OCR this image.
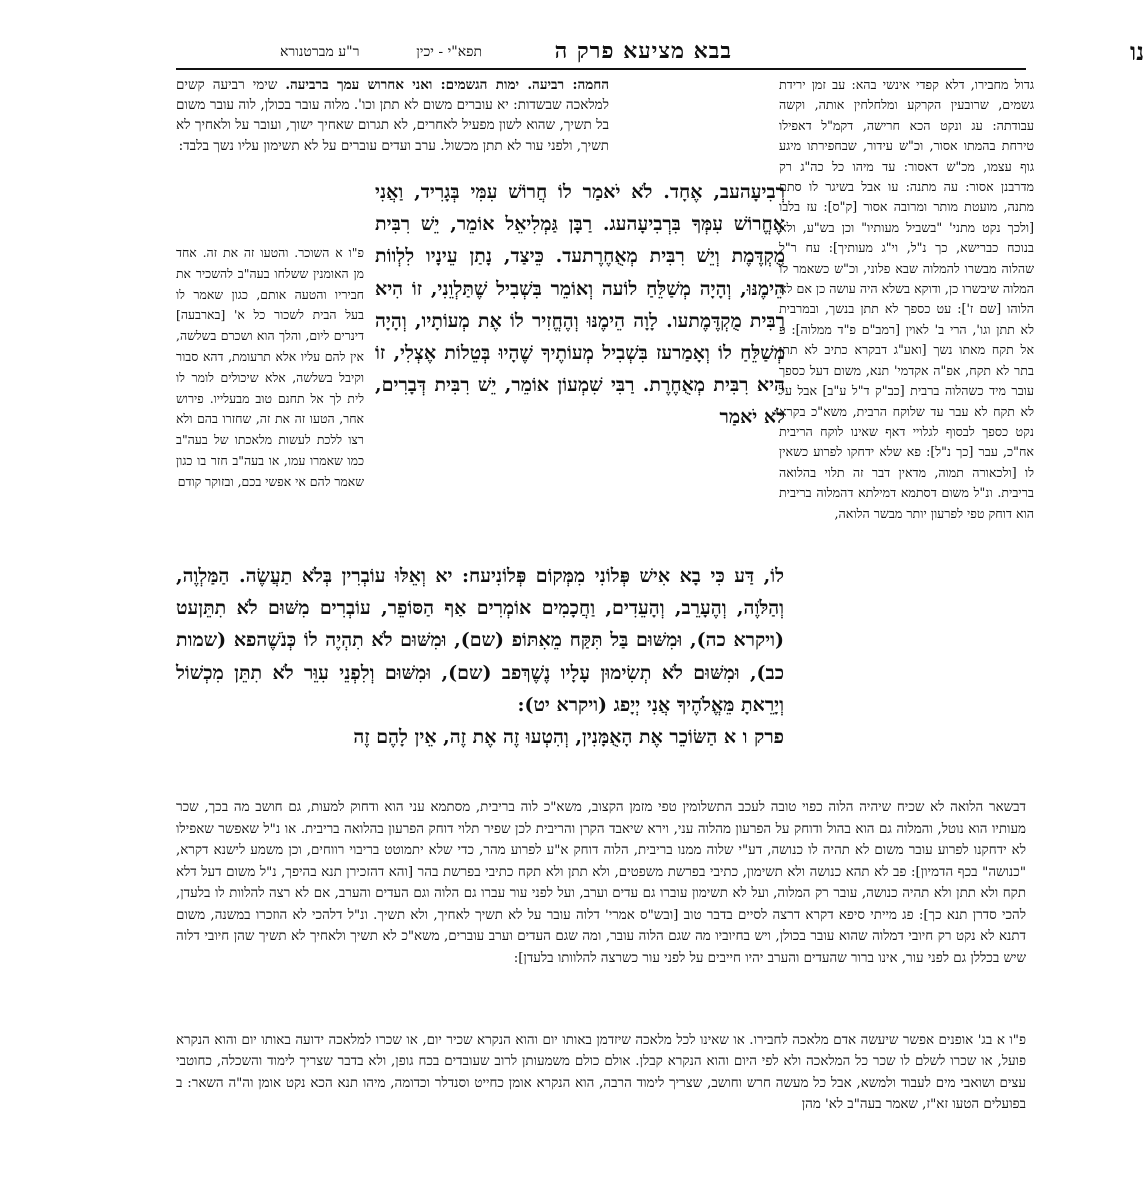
נו
בבא מציעא פרק ה
תפא"י - יכין
ר"ע מברטנורא

גדול מחבירו, דלא קפדי אינשי בהא: עב זמן ירידת גשמים, שרובעין הקרקע ומלחלחין אותה, וקשה עבודתה: עג ונקט הכא חרישה, דקמ"ל דאפילו טירחת בהמתו אסור, וכ"ש עידור, שבחפירתו מיגע גוף עצמו, מכ"ש דאסור: עד מיהו כל כה"ג רק מדרבנן אסור: עה מתנה: עו אבל בשיגר לו סתם מתנה, מועטת מותר ומרובה אסור [ק"ס]: עז בלבו [ולכך נקט מתני' "בשביל מעותיו" וכן בש"ע, ולא בנוכח כברישא, כך נ"ל, וי"ג מעותיך]: עח ר"ל שהלוה מבשרו להמלוה שבא פלוני, וכ"ש כשאמר לו המלוה שיבשרו כן, ודוקא בשלא היה עושה כן אם לא הלוהו [שם ז']: עט כספך לא תתן בנשך, ובמרבית לא תתן וגו', הרי ב' לאוין [רמב"ם פ"ד ממלוה]: פ אל תקח מאתו נשך [ואע"ג דבקרא כתיב לא תתן בתר לא תקח, אפ"ה אקדמי' תנא, משום דעל כספך עובר מיד כשהלוה ברבית [כב"ק ד"ל ע"ב] אבל על לא תקח לא עבר עד שלוקח הרבית, משא"כ בקרא נקט כספך לבסוף לגלויי דאף שאינו לוקח הריבית אח"כ, עבר [כך נ"ל]: פא שלא ידחקו לפרוע כשאין לו [ולכאורה תמוה, מדאין דבר זה תלוי בהלואה בריבית. ונ"ל משום דסתמא דמילתא דהמלוה בריבית הוא דוחק טפי לפרעון יותר מבשר הלואה,

החמה: רביעה. ימות הגשמים: ואני אחרוש עמך ברביעה. שימי רביעה קשים למלאכה שבשדות: יא עוברים משום לא תתן וכו'. מלוה עובר בכולן, לוה עובר משום בל תשיך, שהוא לשון מפעיל לאחרים, לא תגרום שאחיך ישוך, ועובר על ולאחיך לא תשיך, ולפני עור לא תתן מכשול. ערב ועדים עוברים על לא תשימון עליו נשך בלבד:

פ"ו א השוכר. והטעו זה את זה. אחד מן האומנין ששלחו בעה"ב להשכיר את חביריו והטעה אותם, כגון שאמר לו בעל הבית לשכור כל א' [בארבעה] דינרים ליום, והלך הוא ושכרם בשלשה, אין להם עליו אלא תרעומת, דהא סבור וקיבל בשלשה, אלא שיכולים לומר לו לית לך אל תחנם טוב מבעלייו. פירוש אחר, הטעו זה את זה, שחזרו בהם ולא רצו ללכת לעשות מלאכתו של בעה"ב כמו שאמרו עמו, או בעה"ב חזר בו כגון שאמר להם אי אפשי בכם, ובזוקר קודם

רְבִיעָהעב, אֶחָד. לֹא יֹאמַר לוֹ חֲרוֹשׁ עִמִּי בְּגָרִיד, וַאֲנִי אֶחֱרוֹשׁ עִמְּךָ בִּרְבִיעָהעג. רַבָּן גַּמְלִיאֵל אוֹמֵר, יֵשׁ רִבִּית מֻקְדֶּמֶת וְיֵשׁ רִבִּית מְאֻחֶרֶתעד. כֵּיצַד, נָתַן עֵינָיו לִלְווֹת הֵימֶנּוּ, וְהָיָה מְשַׁלֵּחַ לוֹעה וְאוֹמֵר בִּשְׁבִיל שֶׁתַּלְוֵנִי, זוֹ הִיא רִבִּית מֻקְדֶּמֶתעו. לָוָה הֵימֶנּוּ וְהֶחֱזִיר לוֹ אֶת מְעוֹתָיו, וְהָיָה מְשַׁלֵּחַ לוֹ וְאָמַרעז בִּשְׁבִיל מְעוֹתֶיךָ שֶׁהָיוּ בְּטֵלוֹת אֶצְלִי, זוֹ הִיא רִבִּית מְאֻחֶרֶת. רַבִּי שִׁמְעוֹן אוֹמֵר, יֵשׁ רִבִּית דְּבָרִים, לֹא יֹאמַר

לוֹ, דַּע כִּי בָא אִישׁ פְּלוֹנִי מִמְּקוֹם פְּלוֹנִיעח: יא וְאֵלּוּ עוֹבְרִין בְּלֹא תַעֲשֶׂה. הַמַּלְוֶה, וְהַלֹּוֶה, וְהֶעָרֵב, וְהָעֵדִים, וַחֲכָמִים אוֹמְרִים אַף הַסּוֹפֵר, עוֹבְרִים מִשּׁוּם לֹא תִתֵּןעט (ויקרא כה), וּמִשּׁוּם בַּל תִּקַּח מֵאִתּוֹפ (שם), וּמִשּׁוּם לֹא תִהְיֶה לוֹ כְּנֹשֶׁהפא (שמות כב), וּמִשּׁוּם לֹא תְשִׂימוּן עָלָיו נֶשֶׁךְפב (שם), וּמִשּׁוּם וְלִפְנֵי עִוֵּר לֹא תִתֵּן מִכְשׁוֹל וְיָרֵאתָ מֵּאֱלֹהֶיךָ אֲנִי יְיָפג (ויקרא יט):

פרק ו א הַשּׂוֹכֵר אֶת הָאֻמָּנִין, וְהִטְעוּ זֶה אֶת זֶה, אֵין לָהֶם זֶה

דבשאר הלואה לא שכיח שיהיה הלוה כפוי טובה לעכב התשלומין טפי מזמן הקצוב, משא"כ לוה בריבית, מסתמא עני הוא ודחוק למעות, גם חושב מה בכך, שכר מעותיו הוא נוטל, והמלוה גם הוא בהול ודוחק על הפרעון מהלוה עני, וירא שיאבד הקרן והריבית לכן שפיר תלוי דוחק הפרעון בהלואה בריבית. או נ"ל שאפשר שאפילו לא ידחקנו לפרוע עובר משום לא תהיה לו כנושה, דע"י שלוה ממנו בריבית, הלוה דוחק א"ע לפרוע מהר, כדי שלא יתמוטט בריבוי רווחים, וכן משמע לישנא דקרא, "כנושה" בכף הדמיון]: פב לא תהא כנושה ולא תשימון, כתיבי בפרשת משפטים, ולא תתן ולא תקח כתיבי בפרשת בהר [והא דהזכירן תנא בהיפך, נ"ל משום דעל דלא תקח ולא תתן ולא תהיה כנושה, עובר רק המלוה, ועל לא תשימון עוברו גם עדים וערב, ועל לפני עור עברו גם הלוה וגם העדים והערב, אם לא רצה להלוות לו בלעדן, להכי סדרן תנא כך]: פג מייתי סיפא דקרא דרצה לסיים בדבר טוב [ובש"ס אמרי' דלוה עובר על לא תשיך לאחיך, ולא תשיך. ונ"ל דלהכי לא הוזכרו במשנה, משום דתנא לא נקט רק חיובי דמלוה שהוא עובר בכולן, ויש בחיוביו מה שגם הלוה עובר, ומה שגם העדים וערב עוברים, משא"כ לא תשיך ולאחיך לא תשיך שהן חיובי דלוה שיש בכללן גם לפני עור, אינו ברור שהעדים והערב יהיו חייבים על לפני עור כשרצה להלוותו בלעדן]:

פ"ו א בג' אופנים אפשר שיעשה אדם מלאכה לחבירו. או שאינו לכל מלאכה שיזדמן באותו יום והוא הנקרא שכיר יום, או שכרו למלאכה ידועה באותו יום והוא הנקרא פועל, או שכרו לשלם לו שכר כל המלאכה ולא לפי היום והוא הנקרא קבלן. אולם כולם משמעותן לרוב שעובדים בכח גופן, ולא בדבר שצריך לימוד והשכלה, כחוטבי עצים ושואבי מים לעבוד ולמשא, אבל כל מעשה חרש וחושב, שצריך לימוד הרבה, הוא הנקרא אומן כחייט וסנדלר וכדומה, מיהו תנא הכא נקט אומן וה"ה השאר: ב בפועלים הטעו זא"ז, שאמר בעה"ב לא' מהן
